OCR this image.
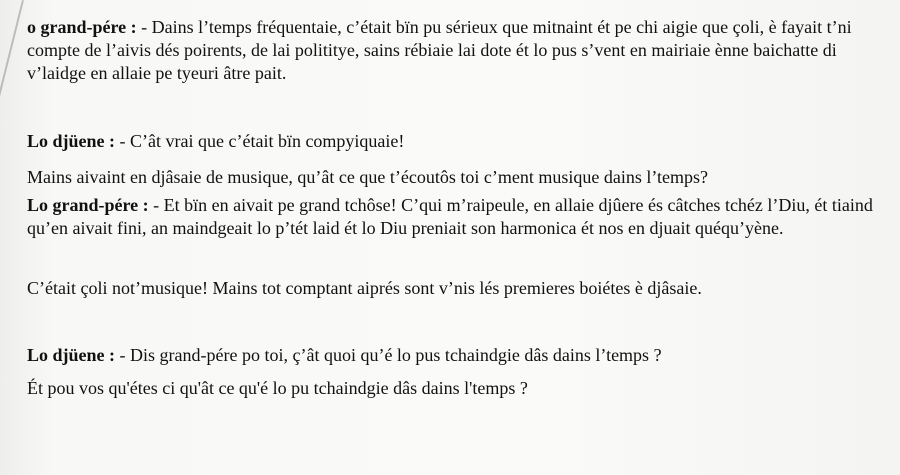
o grand-pére : - Dains l’temps fréquentaie, c’était bïn pu sérieux que mitnaint ét pe chi aigie que çoli, è fayait t’ni compte de l’aivis dés poirents, de lai polititye, sains rébiaie lai dote ét lo pus s’vent en mairiaie ènne baichatte di v’laidge en allaie pe tyeuri âtre pait.

Lo djüene : - C’ât vrai que c’était bïn compyiquaie!

Mains aivaint en djâsaie de musique, qu’ât ce que t’écoutôs toi c’ment musique dains l’temps?

Lo grand-pére : - Et bïn en aivait pe grand tchôse! C’qui m’raipeule, en allaie djûere és câtches tchéz l’Diu, ét tiaind qu’en aivait fini, an maindgeait lo p’tét laid ét lo Diu preniait son harmonica ét nos en djuait quéqu’yène.

C’était çoli not’musique! Mains tot comptant aiprés sont v’nis lés premieres boiétes è djâsaie.

Lo djüene : - Dis grand-pére po toi, ç’ât quoi qu’é lo pus tchaindgie dâs dains l’temps ?

Ét pou vos qu'étes ci qu'ât ce qu'é lo pu tchaindgie dâs dains l'temps ?
